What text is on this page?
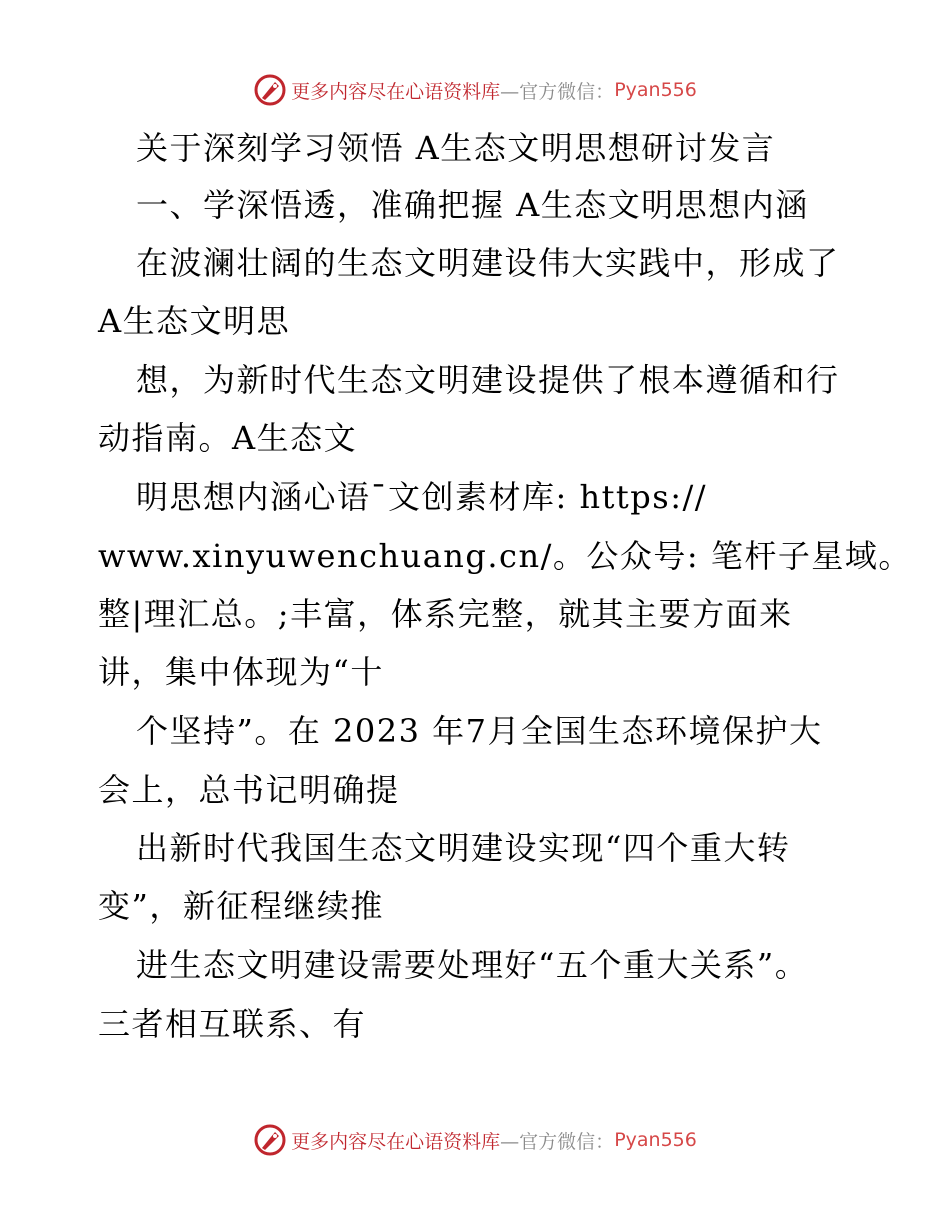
更多内容尽在心语资料库 —官方微信： Pyan556
关于深刻学习领悟 A生态文明思想研讨发言
一、学深悟透，准确把握 A生态文明思想内涵
在波澜壮阔的生态文明建设伟大实践中，形成了
A生态文明思
想，为新时代生态文明建设提供了根本遵循和行
动指南。A生态文
明思想内涵心语¯文创素材库: https://
www.xinyuwenchuang.cn/。公众号: 笔杆子星域。
整|理汇总。;丰富，体系完整，就其主要方面来
讲，集中体现为“十
个坚持”。在 2023 年7月全国生态环境保护大
会上，总书记明确提
出新时代我国生态文明建设实现“四个重大转
变”，新征程继续推
进生态文明建设需要处理好“五个重大关系”。
三者相互联系、有
更多内容尽在心语资料库 —官方微信： Pyan556
